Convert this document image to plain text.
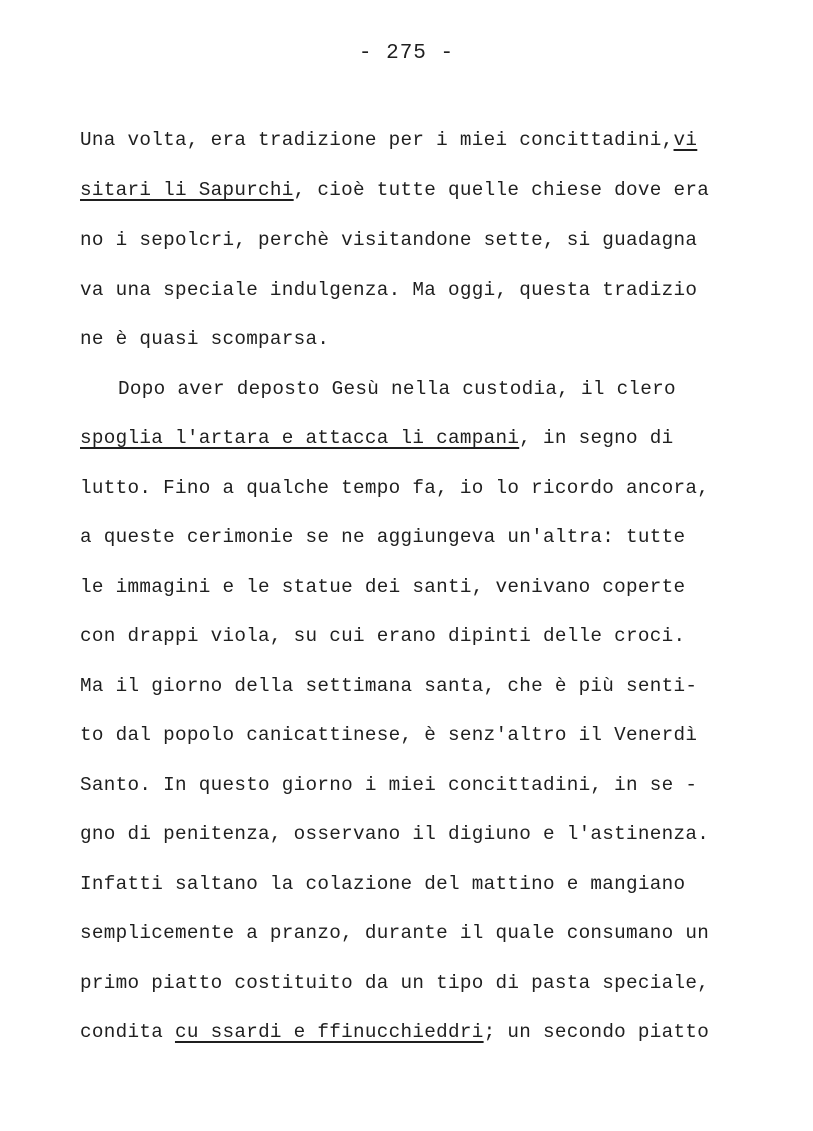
- 275 -
Una volta, era tradizione per i miei concittadini,vi
sitari li Sapurchi, cioè tutte quelle chiese dove era
no i sepolcri, perchè visitandone sette, si guadagna
va una speciale indulgenza. Ma oggi, questa tradizio
ne è quasi scomparsa.
Dopo aver deposto Gesù nella custodia, il clero
spoglia l'artara e attacca li campani, in segno di
lutto. Fino a qualche tempo fa, io lo ricordo ancora,
a queste cerimonie se ne aggiungeva un'altra: tutte
le immagini e le statue dei santi, venivano coperte
con drappi viola, su cui erano dipinti delle croci.
Ma il giorno della settimana santa, che è più senti-
to dal popolo canicattinese, è senz'altro il Venerdì
Santo. In questo giorno i miei concittadini, in se -
gno di penitenza, osservano il digiuno e l'astinenza.
Infatti saltano la colazione del mattino e mangiano
semplicemente a pranzo, durante il quale consumano un
primo piatto costituito da un tipo di pasta speciale,
condita cu ssardi e ffinucchieddri; un secondo piatto
